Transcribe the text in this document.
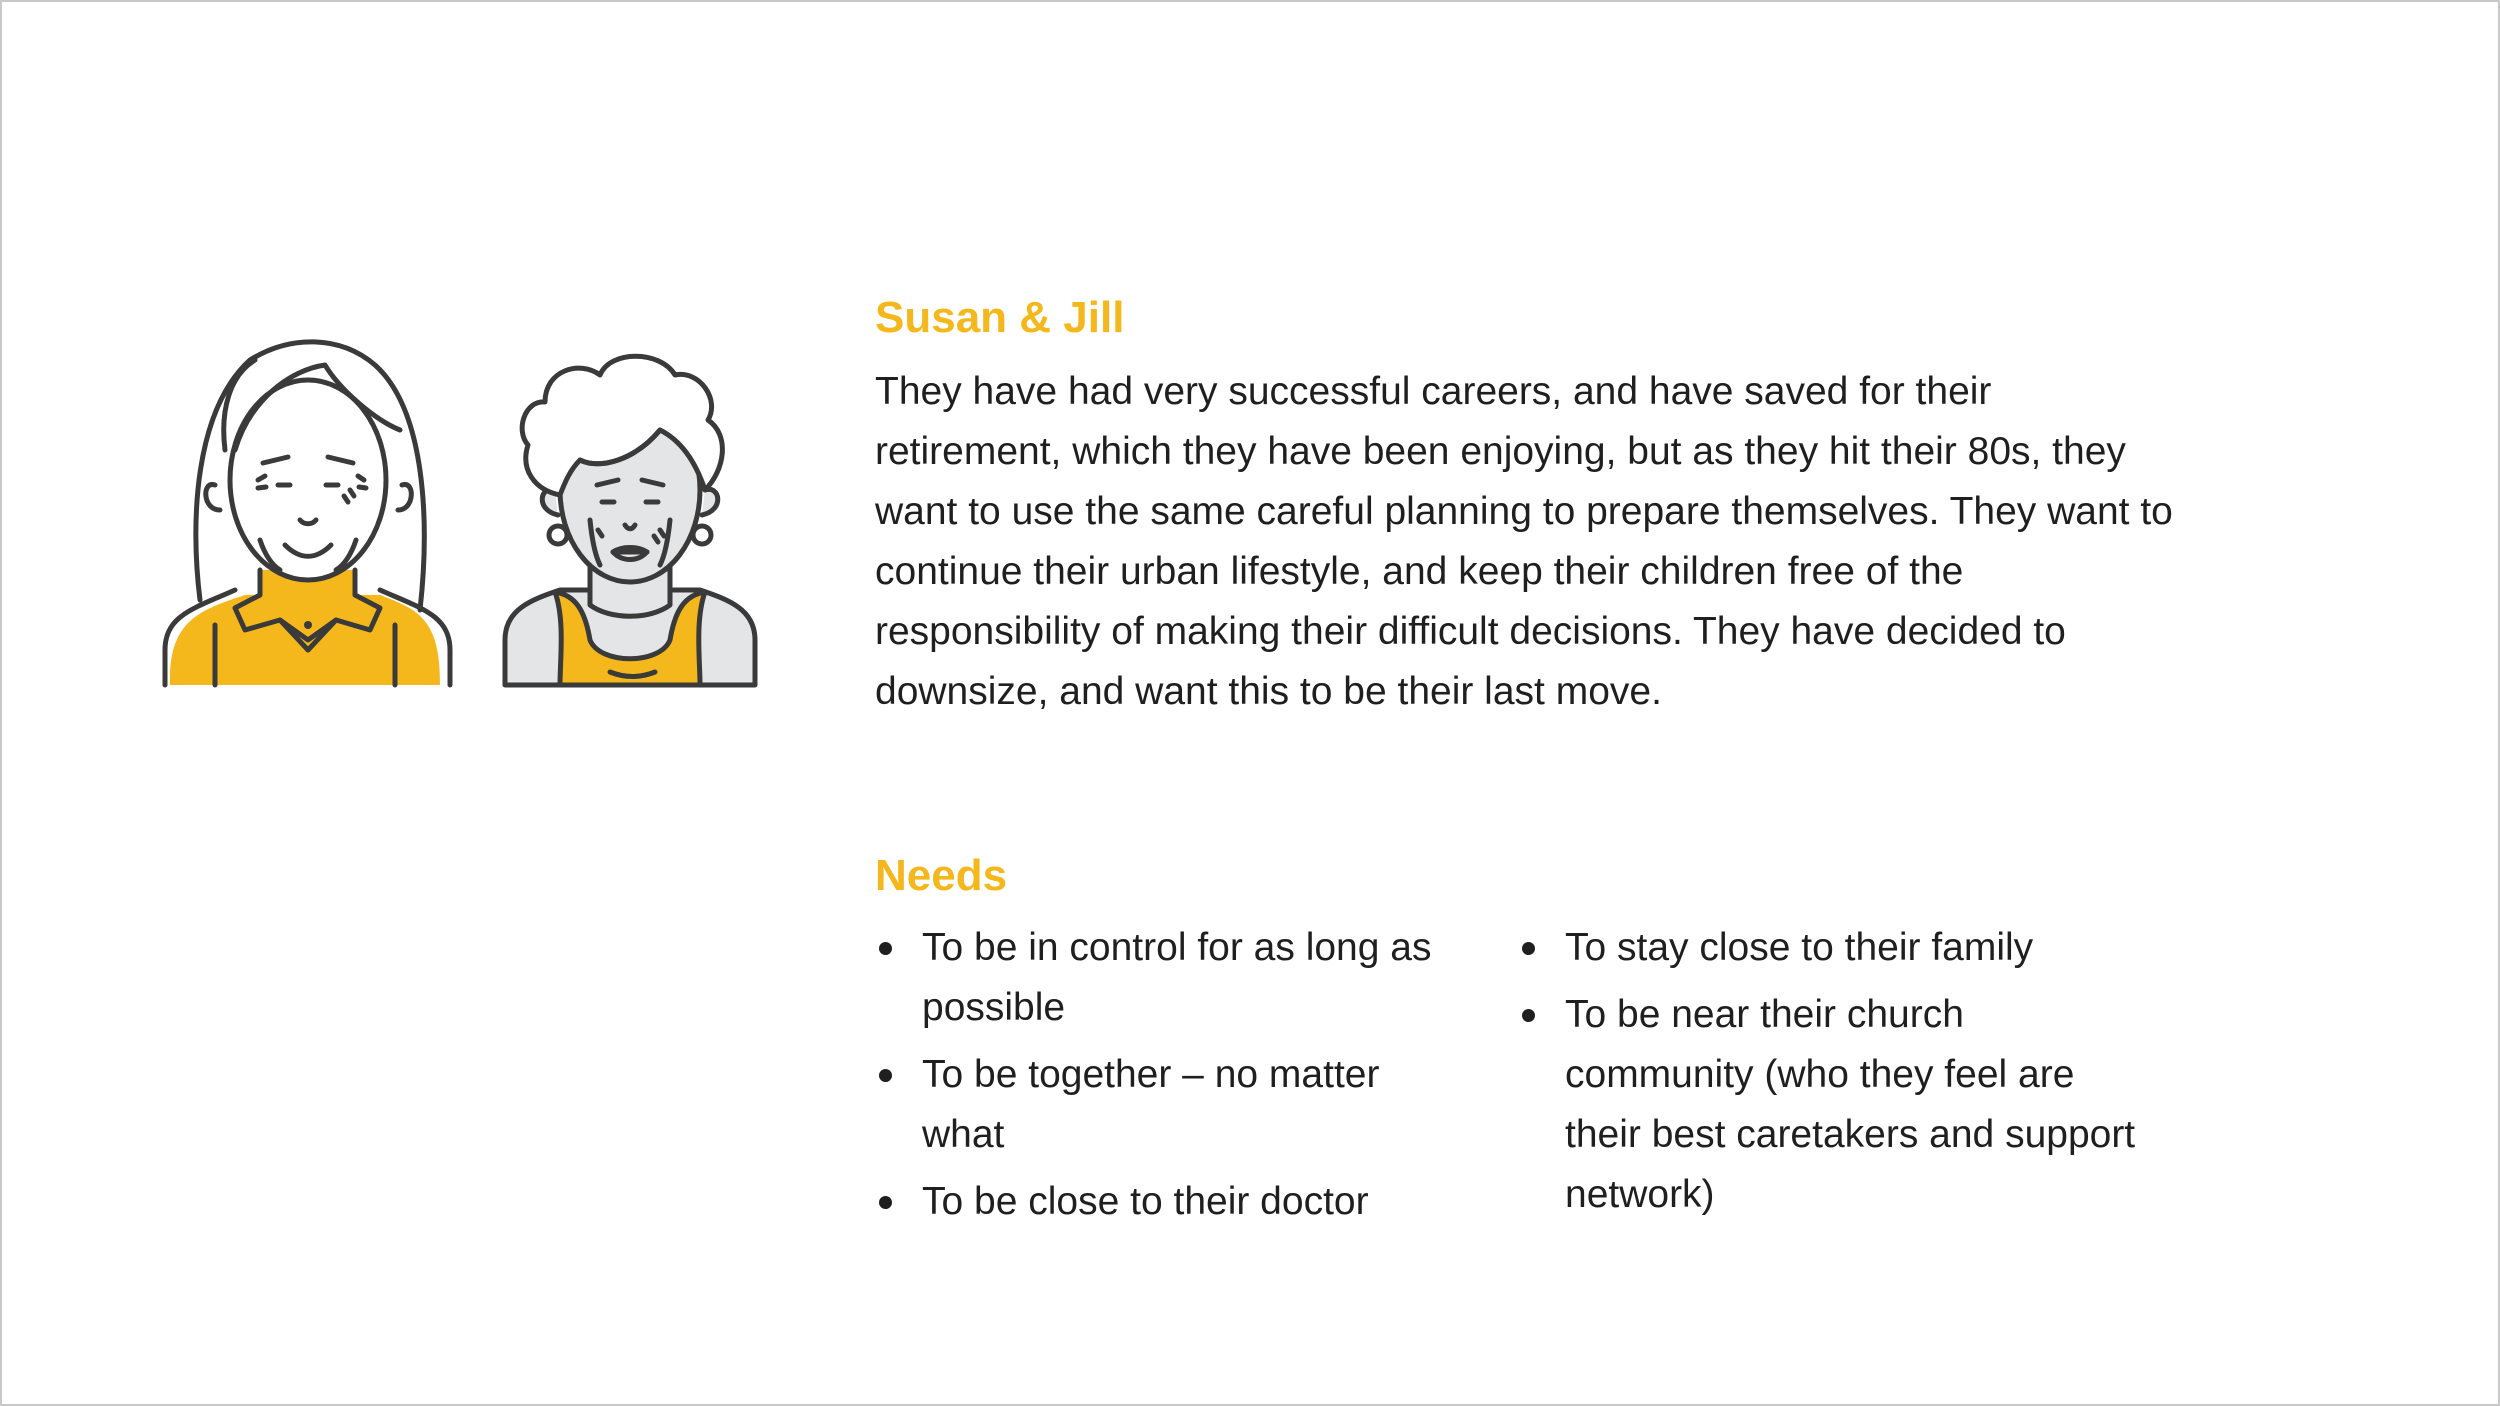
Susan & Jill

They have had very successful careers, and have saved for their retirement, which they have been enjoying, but as they hit their 80s, they want to use the same careful planning to prepare themselves. They want to continue their urban lifestyle, and keep their children free of the responsibility of making their difficult decisions. They have decided to downsize, and want this to be their last move.

Needs
To be in control for as long as possible
To be together – no matter what
To be close to their doctor
To stay close to their family
To be near their church community (who they feel are their best caretakers and support network)
